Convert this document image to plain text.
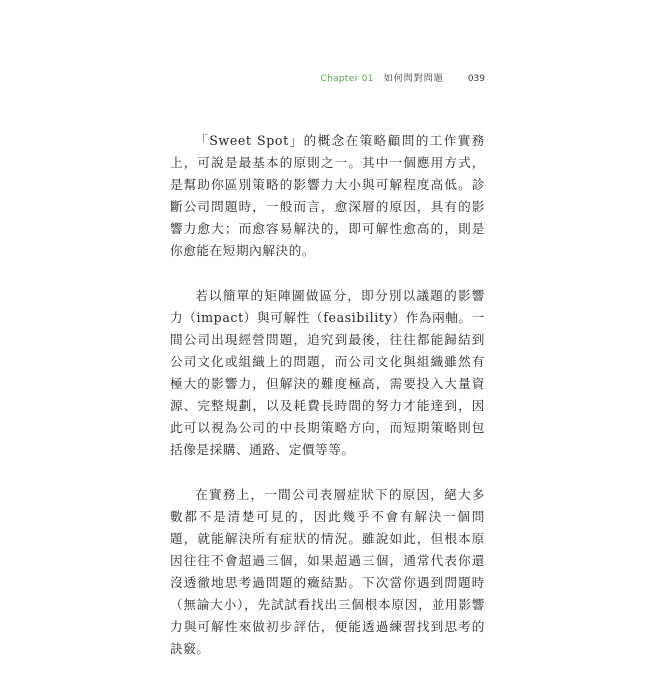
Chapter 01 如何問對問題	039

「Sweet Spot」的概念在策略顧問的工作實務上，可說是最基本的原則之一。其中一個應用方式，是幫助你區別策略的影響力大小與可解程度高低。診斷公司問題時，一般而言，愈深層的原因，具有的影響力愈大；而愈容易解決的，即可解性愈高的，則是你愈能在短期內解決的。

若以簡單的矩陣圖做區分，即分別以議題的影響力（impact）與可解性（feasibility）作為兩軸。一間公司出現經營問題，追究到最後，往往都能歸結到公司文化或組織上的問題，而公司文化與組織雖然有極大的影響力，但解決的難度極高，需要投入大量資源、完整規劃，以及耗費長時間的努力才能達到，因此可以視為公司的中長期策略方向，而短期策略則包括像是採購、通路、定價等等。

在實務上，一間公司表層症狀下的原因，絕大多數都不是清楚可見的，因此幾乎不會有解決一個問題，就能解決所有症狀的情況。雖說如此，但根本原因往往不會超過三個，如果超過三個，通常代表你還沒透徹地思考過問題的癥結點。下次當你遇到問題時（無論大小），先試試看找出三個根本原因，並用影響力與可解性來做初步評估，便能透過練習找到思考的訣竅。
